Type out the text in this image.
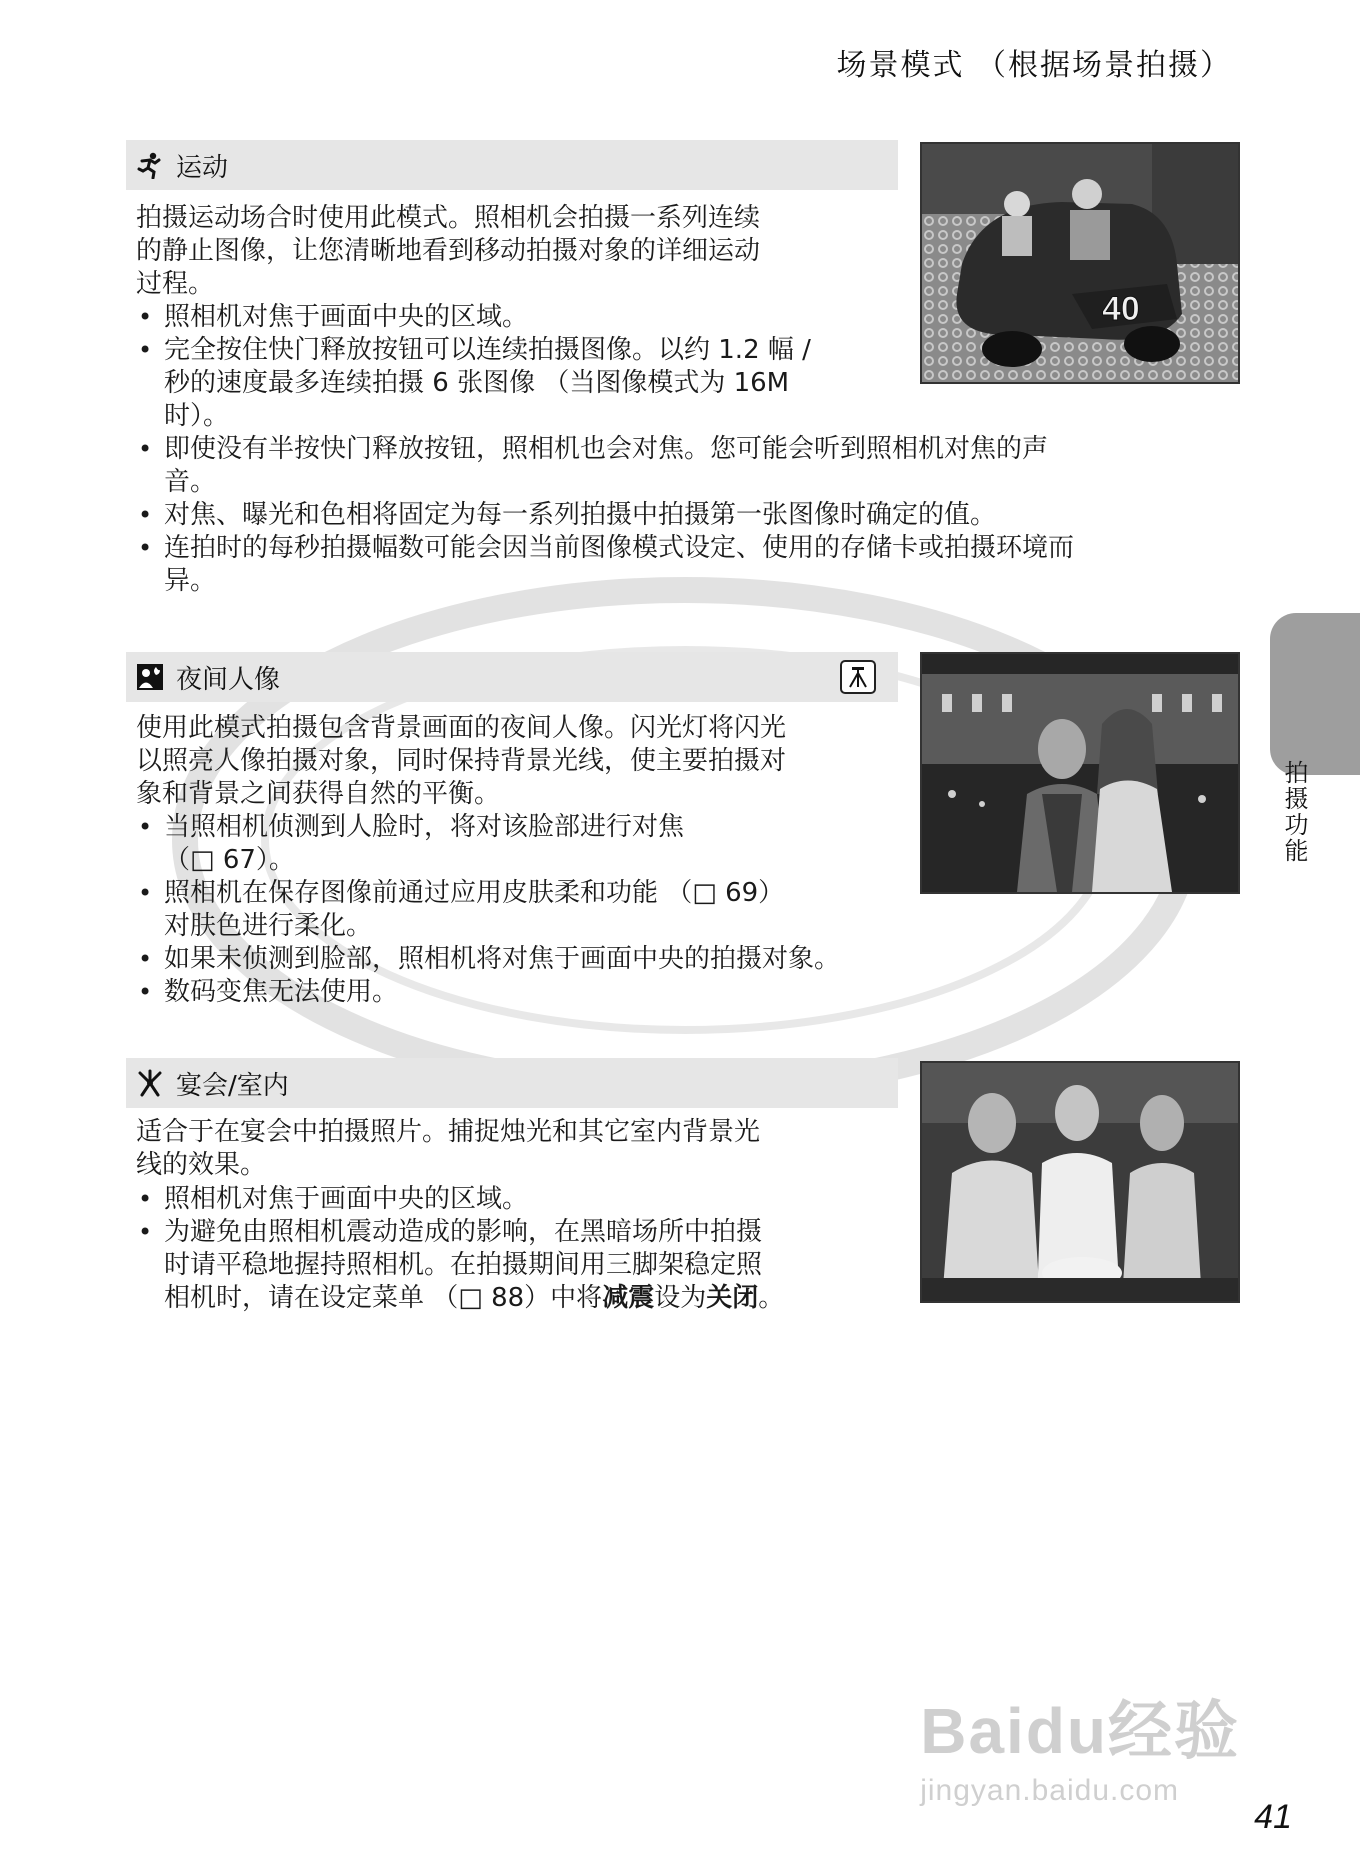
场景模式 （根据场景拍摄）
运动
拍摄运动场合时使用此模式。照相机会拍摄一系列连续
的静止图像，让您清晰地看到移动拍摄对象的详细运动
过程。
• 照相机对焦于画面中央的区域。
• 完全按住快门释放按钮可以连续拍摄图像。以约 1.2 幅 /
秒的速度最多连续拍摄 6 张图像 （当图像模式为 16M
时）。
• 即使没有半按快门释放按钮，照相机也会对焦。您可能会听到照相机对焦的声
音。
• 对焦、曝光和色相将固定为每一系列拍摄中拍摄第一张图像时确定的值。
• 连拍时的每秒拍摄幅数可能会因当前图像模式设定、使用的存储卡或拍摄环境而
异。
40
夜间人像
使用此模式拍摄包含背景画面的夜间人像。闪光灯将闪光
以照亮人像拍摄对象，同时保持背景光线，使主要拍摄对
象和背景之间获得自然的平衡。
• 当照相机侦测到人脸时，将对该脸部进行对焦
（□ 67）。
• 照相机在保存图像前通过应用皮肤柔和功能 （□ 69）
对肤色进行柔化。
• 如果未侦测到脸部，照相机将对焦于画面中央的拍摄对象。
• 数码变焦无法使用。
宴会/室内
适合于在宴会中拍摄照片。捕捉烛光和其它室内背景光
线的效果。
• 照相机对焦于画面中央的区域。
• 为避免由照相机震动造成的影响，在黑暗场所中拍摄
时请平稳地握持照相机。在拍摄期间用三脚架稳定照
相机时，请在设定菜单 （□ 88）中将减震设为关闭。
拍摄功能
Baidu经验
jingyan.baidu.com
41
